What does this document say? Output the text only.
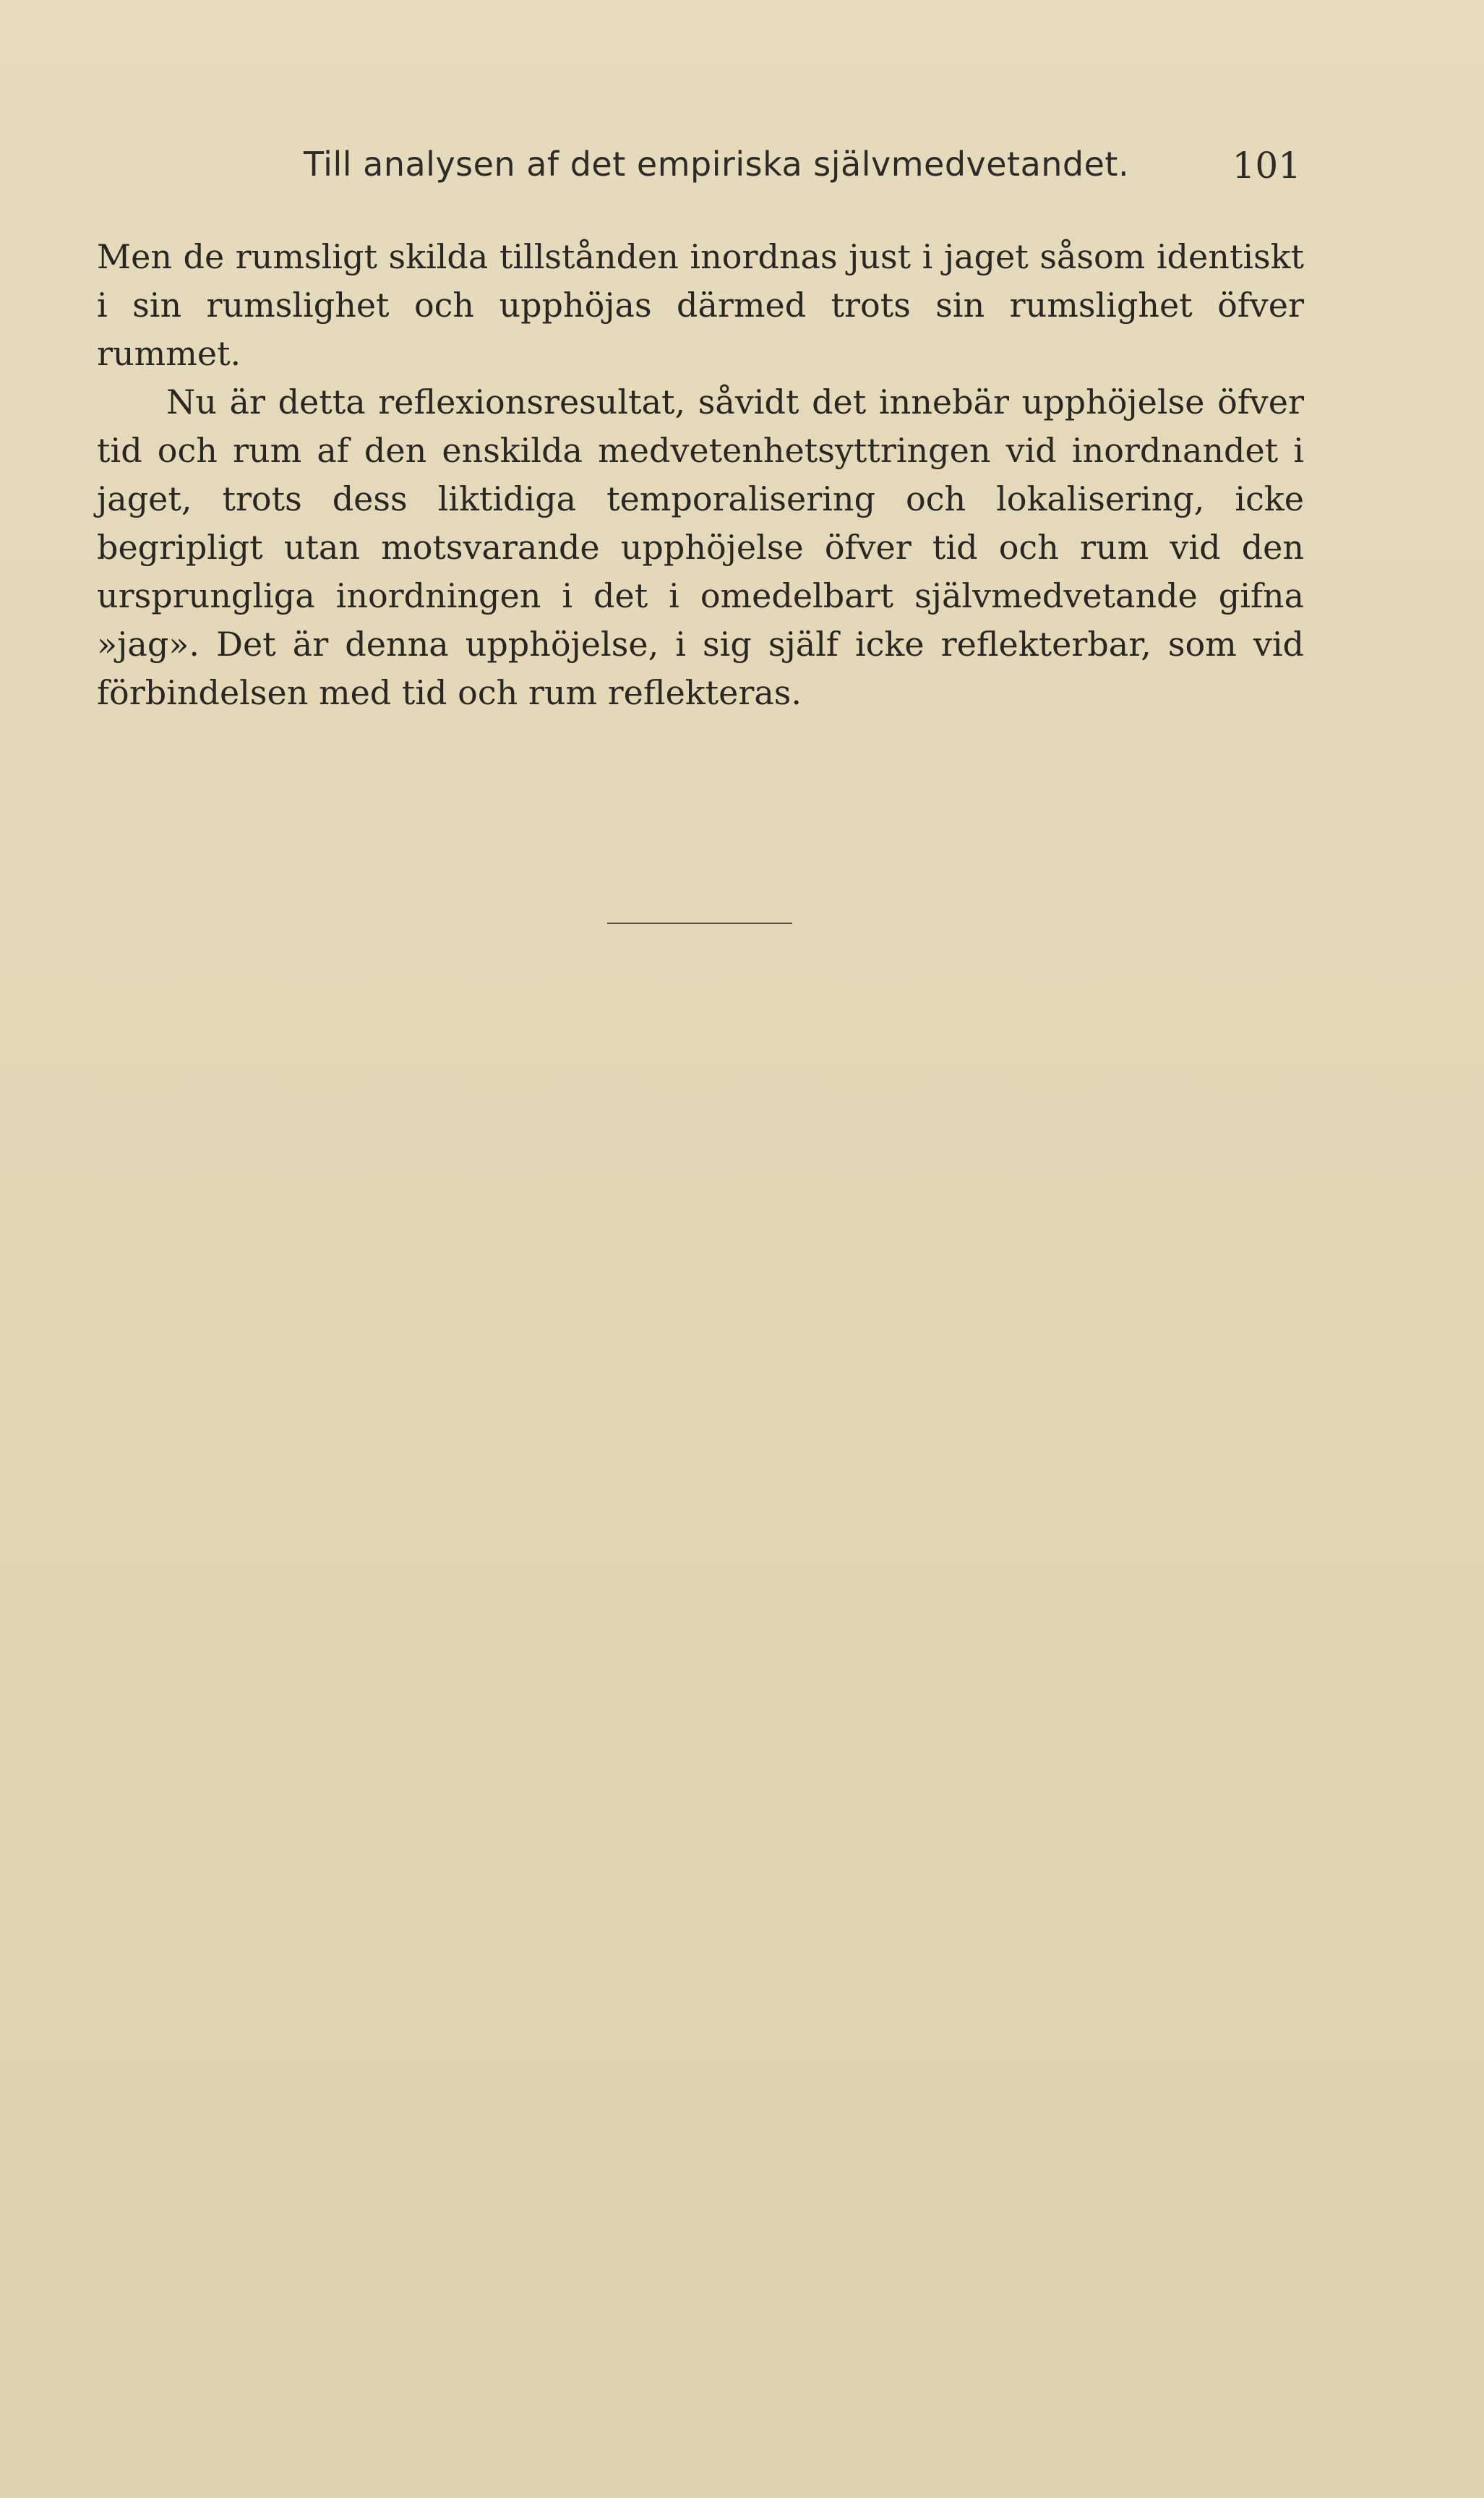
Till analysen af det empiriska självmedvetandet.	101

Men de rumsligt skilda tillstånden inordnas just i jaget såsom identiskt i sin rumslighet och upphöjas därmed trots sin rumslighet öfver rummet.

Nu är detta reflexionsresultat, såvidt det innebär upphöjelse öfver tid och rum af den enskilda medvetenhetsyttringen vid inordnandet i jaget, trots dess liktidiga temporalisering och lokalisering, icke begripligt utan motsvarande upphöjelse öfver tid och rum vid den ursprungliga inordningen i det i omedelbart självmedvetande gifna »jag». Det är denna upphöjelse, i sig själf icke reflekterbar, som vid förbindelsen med tid och rum reflekteras.
